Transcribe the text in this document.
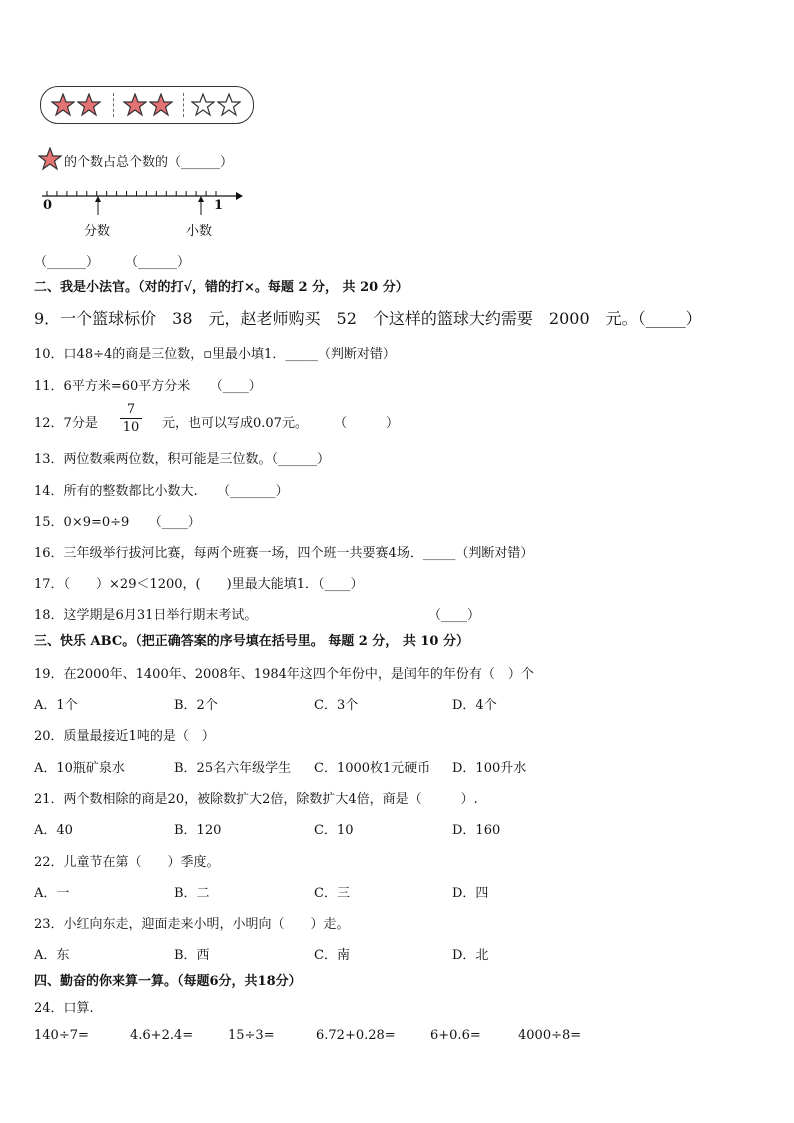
的个数占总个数的（______）
0	1
分数	小数
（______） （______）
二、我是小法官。（对的打√，错的打×。每题 2 分， 共 20 分）
9．一个篮球标价　38　元，赵老师购买　52　个这样的篮球大约需要　2000　元。（_____）
10．口48÷4的商是三位数，▫里最小填1．_____（判断对错）
11．6平方米=60平方分米　　（____）
12．7分是
7
10	元，也可以写成0.07元。　　　（　　　）
13．两位数乘两位数，积可能是三位数。（______）
14．所有的整数都比小数大.　　（_______）
15．0×9=0÷9　　（____）
16．三年级举行拔河比赛，每两个班赛一场，四个班一共要赛4场．_____（判断对错）
17．（　　）×29＜1200，(　　)里最大能填1．（____）
18．这学期是6月31日举行期末考试。	（____）
三、快乐 ABC。（把正确答案的序号填在括号里。 每题 2 分， 共 10 分）
19．在2000年、1400年、2008年、1984年这四个年份中，是闰年的年份有（　）个
A．1个	B．2个	C．3个	D．4个
20．质量最接近1吨的是（　）
A．10瓶矿泉水	B．25名六年级学生 C．1000枚1元硬币 D．100升水
21．两个数相除的商是20，被除数扩大2倍，除数扩大4倍，商是（　　　）.
A．40	B．120	C．10	D．160
22．儿童节在第（　　）季度。
A．一	B．二	C．三	D．四
23．小红向东走，迎面走来小明，小明向（　　）走。
A．东	B．西	C．南	D．北
四、勤奋的你来算一算。（每题6分，共18分）
24．口算.
140÷7=	4.6+2.4=	15÷3=	6.72+0.28=	6+0.6=	4000÷8=
